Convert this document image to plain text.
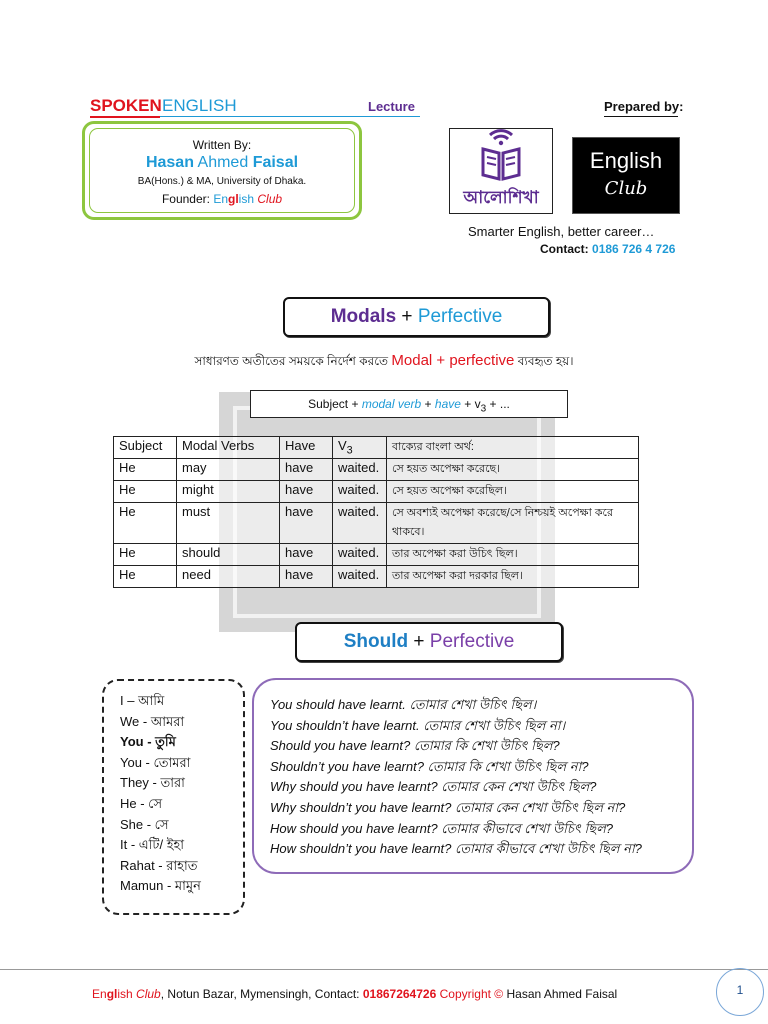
SPOKEN ENGLISH	Lecture	Prepared by:
Written By:
Hasan Ahmed Faisal
BA(Hons.) & MA, University of Dhaka.
Founder: English Club	আলোশিখা
English
Club
Smarter English, better career…
Contact: 0186 726 4 726
Modals + Perfective
সাধারণত অতীতের সময়কে নির্দেশ করতে Modal + perfective ব্যবহৃত হয়।
Subject + modal verb + have + $v_3$ + ...
Subject	Modal Verbs	Have	$V_3$	বাক্যের বাংলা অর্থ:
He	may	have	waited.	সে হয়ত অপেক্ষা করেছে।
He	might	have	waited.	সে হয়ত অপেক্ষা করেছিল।
He	must	have	waited.	সে অবশ্যই অপেক্ষা করেছে/সে নিশ্চয়ই অপেক্ষা করে থাকবে।
He	should	have	waited.	তার অপেক্ষা করা উচিৎ ছিল।
He	need	have	waited.	তার অপেক্ষা করা দরকার ছিল।
Should + Perfective
I – আমি
We - আমরা
You - তুমি
You - তোমরা
They - তারা
He - সে
She - সে
It - এটি/ ইহা
Rahat - রাহাত
Mamun - মামুন
You should have learnt. তোমার শেখা উচিৎ ছিল।
You shouldn’t have learnt. তোমার শেখা উচিৎ ছিল না।
Should you have learnt? তোমার কি শেখা উচিৎ ছিল?
Shouldn’t you have learnt? তোমার কি শেখা উচিৎ ছিল না?
Why should you have learnt? তোমার কেন শেখা উচিৎ ছিল?
Why shouldn’t you have learnt? তোমার কেন শেখা উচিৎ ছিল না?
How should you have learnt? তোমার কীভাবে শেখা উচিৎ ছিল?
How shouldn’t you have learnt? তোমার কীভাবে শেখা উচিৎ ছিল না?
English Club, Notun Bazar, Mymensingh, Contact: 01867264726 Copyright © Hasan Ahmed Faisal	1
